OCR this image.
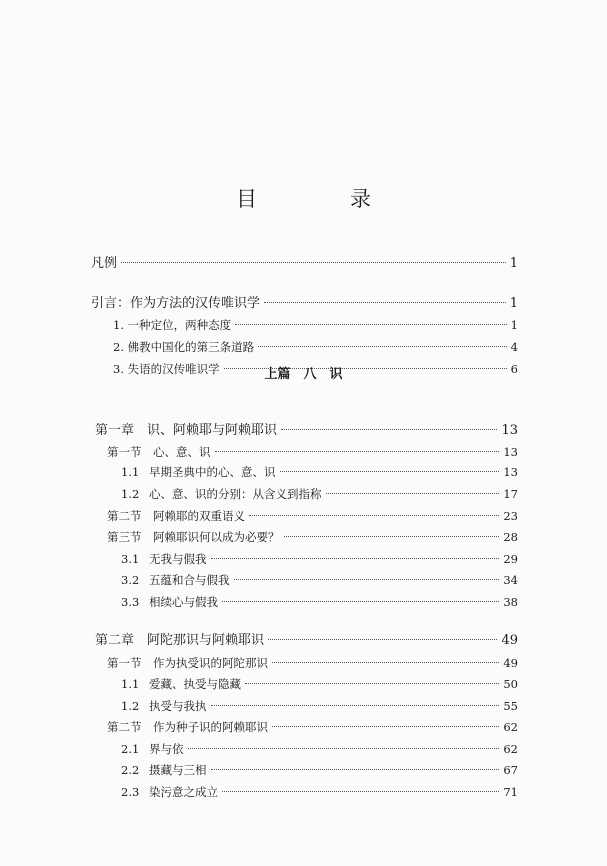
目　录
凡例	1
引言：作为方法的汉传唯识学	1
1. 一种定位，两种态度	1
2. 佛教中国化的第三条道路	4
3. 失语的汉传唯识学	6
第一章　识、阿赖耶与阿赖耶识	13
第一节　心、意、识	13
1.1 早期圣典中的心、意、识	13
1.2 心、意、识的分别：从含义到指称	17
第二节　阿赖耶的双重语义	23
第三节　阿赖耶识何以成为必要？	28
3.1 无我与假我	29
3.2 五蕴和合与假我	34
3.3 相续心与假我	38
第二章　阿陀那识与阿赖耶识	49
第一节　作为执受识的阿陀那识	49
1.1 爱藏、执受与隐藏	50
1.2 执受与我执	55
第二节　作为种子识的阿赖耶识	62
2.1 界与依	62
2.2 摄藏与三相	67
2.3 染污意之成立	71
上篇　八　识
